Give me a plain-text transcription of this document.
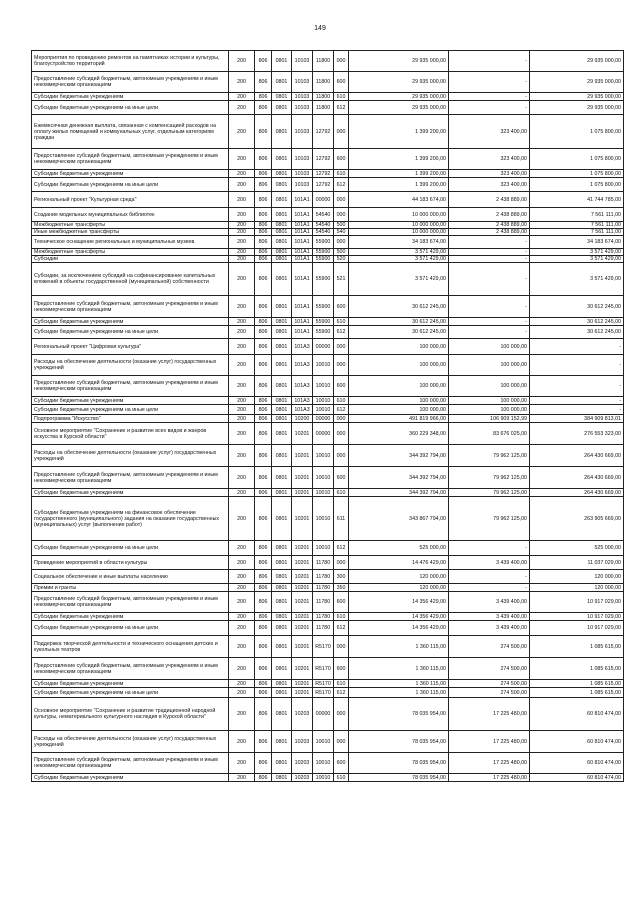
149
Мероприятия по проведению ремонтов на памятниках истории и культуры, благоустройство территорий	200	806	0801	10103	11800	000	29 935 000,00	-	29 935 000,00
Предоставление субсидий бюджетным, автономным учреждениям и иным некоммерческим организациям	200	806	0801	10103	11800	600	29 935 000,00	-	29 935 000,00
Субсидии бюджетным учреждениям	200	806	0801	10103	11800	610	29 935 000,00	-	29 935 000,00
Субсидии бюджетным учреждениям на иные цели	200	806	0801	10103	11800	612	29 935 000,00	-	29 935 000,00
Ежемесячная денежная выплата, связанная с компенсацией расходов на оплату жилых помещений и коммунальных услуг, отдельным категориям граждан	200	806	0801	10103	12792	000	1 399 200,00	323 400,00	1 075 800,00
Предоставление субсидий бюджетным, автономным учреждениям и иным некоммерческим организациям	200	806	0801	10103	12792	600	1 399 200,00	323 400,00	1 075 800,00
Субсидии бюджетным учреждениям	200	806	0801	10103	12792	610	1 399 200,00	323 400,00	1 075 800,00
Субсидии бюджетным учреждениям на иные цели	200	806	0801	10103	12792	612	1 399 200,00	323 400,00	1 075 800,00
Региональный проект "Культурная среда"	200	806	0801	101А1	00000	000	44 183 674,00	2 438 889,00	41 744 785,00
Создание модельных муниципальных библиотек	200	806	0801	101А1	54540	000	10 000 000,00	2 438 889,00	7 561 111,00
Межбюджетные трансферты	200	806	0801	101А1	54540	500	10 000 000,00	2 438 889,00	7 561 111,00
Иные межбюджетные трансферты	200	806	0801	101А1	54540	540	10 000 000,00	2 438 889,00	7 561 111,00
Техническое оснащение региональных и муниципальных музеев	200	806	0801	101А1	55900	000	34 183 674,00	-	34 183 674,00
Межбюджетные трансферты	200	806	0801	101А1	55900	500	3 571 429,00	-	3 571 429,00
Субсидии	200	806	0801	101А1	55900	520	3 571 429,00	-	3 571 429,00
Субсидии, за исключением субсидий на софинансирование капитальных вложений в объекты государственной (муниципальной) собственности	200	806	0801	101А1	55900	521	3 571 429,00	-	3 571 429,00
Предоставление субсидий бюджетным, автономным учреждениям и иным некоммерческим организациям	200	806	0801	101А1	55900	600	30 612 245,00	-	30 612 245,00
Субсидии бюджетным учреждениям	200	806	0801	101А1	55900	610	30 612 245,00	-	30 612 245,00
Субсидии бюджетным учреждениям на иные цели	200	806	0801	101А1	55900	612	30 612 245,00	-	30 612 245,00
Региональный проект "Цифровая культура"	200	806	0801	101А3	00000	000	100 000,00	100 000,00	-
Расходы на обеспечение деятельности (оказание услуг) государственных учреждений	200	806	0801	101А3	10010	000	100 000,00	100 000,00	-
Предоставление субсидий бюджетным, автономным учреждениям и иным некоммерческим организациям	200	806	0801	101А3	10010	600	100 000,00	100 000,00	-
Субсидии бюджетным учреждениям	200	806	0801	101А3	10010	610	100 000,00	100 000,00	-
Субсидии бюджетным учреждениям на иные цели	200	806	0801	101А3	10010	612	100 000,00	100 000,00	-
Подпрограмма "Искусство"	200	806	0801	10200	00000	000	491 819 966,00	106 909 152,99	384 909 813,01
Основное мероприятие "Сохранение и развитие всех видов и жанров искусства в Курской области"	200	806	0801	10201	00000	000	360 229 348,00	83 676 025,00	276 553 323,00
Расходы на обеспечение деятельности (оказание услуг) государственных учреждений	200	806	0801	10201	10010	000	344 392 794,00	79 962 125,00	264 430 669,00
Предоставление субсидий бюджетным, автономным учреждениям и иным некоммерческим организациям	200	806	0801	10201	10010	600	344 392 794,00	79 962 125,00	264 430 669,00
Субсидии бюджетным учреждениям	200	806	0801	10201	10010	610	344 392 794,00	79 962 125,00	264 430 669,00
Субсидии бюджетным учреждениям на финансовое обеспечение государственного (муниципального) задания на оказание государственных (муниципальных) услуг (выполнение работ)	200	806	0801	10201	10010	611	343 867 794,00	79 962 125,00	263 905 669,00
Субсидии бюджетным учреждениям на иные цели	200	806	0801	10201	10010	612	525 000,00	-	525 000,00
Проведение мероприятий в области культуры	200	806	0801	10201	11780	000	14 476 429,00	3 439 400,00	11 037 029,00
Социальное обеспечение и иные выплаты населению	200	806	0801	10201	11780	300	120 000,00	-	120 000,00
Премии и гранты	200	806	0801	10201	11780	350	120 000,00	-	120 000,00
Предоставление субсидий бюджетным, автономным учреждениям и иным некоммерческим организациям	200	806	0801	10201	11780	600	14 356 429,00	3 439 400,00	10 917 029,00
Субсидии бюджетным учреждениям	200	806	0801	10201	11780	610	14 356 429,00	3 439 400,00	10 917 029,00
Субсидии бюджетным учреждениям на иные цели	200	806	0801	10201	11780	612	14 356 429,00	3 439 400,00	10 917 029,00
Поддержка творческой деятельности и технического оснащения детских и кукольных театров	200	806	0801	10201	R5170	000	1 360 115,00	274 500,00	1 085 615,00
Предоставление субсидий бюджетным, автономным учреждениям и иным некоммерческим организациям	200	806	0801	10201	R5170	600	1 360 115,00	274 500,00	1 085 615,00
Субсидии бюджетным учреждениям	200	806	0801	10201	R5170	610	1 360 115,00	274 500,00	1 085 615,00
Субсидии бюджетным учреждениям на иные цели	200	806	0801	10201	R5170	612	1 360 115,00	274 500,00	1 085 615,00
Основное мероприятие "Сохранение и развитие традиционной народной культуры, нематериального культурного наследия в Курской области"	200	806	0801	10203	00000	000	78 035 954,00	17 225 480,00	60 810 474,00
Расходы на обеспечение деятельности (оказание услуг) государственных учреждений	200	806	0801	10203	10010	000	78 035 954,00	17 225 480,00	60 810 474,00
Предоставление субсидий бюджетным, автономным учреждениям и иным некоммерческим организациям	200	806	0801	10203	10010	600	78 035 954,00	17 225 480,00	60 810 474,00
Субсидии бюджетным учреждениям	200	806	0801	10203	10010	610	78 035 954,00	17 225 480,00	60 810 474,00
